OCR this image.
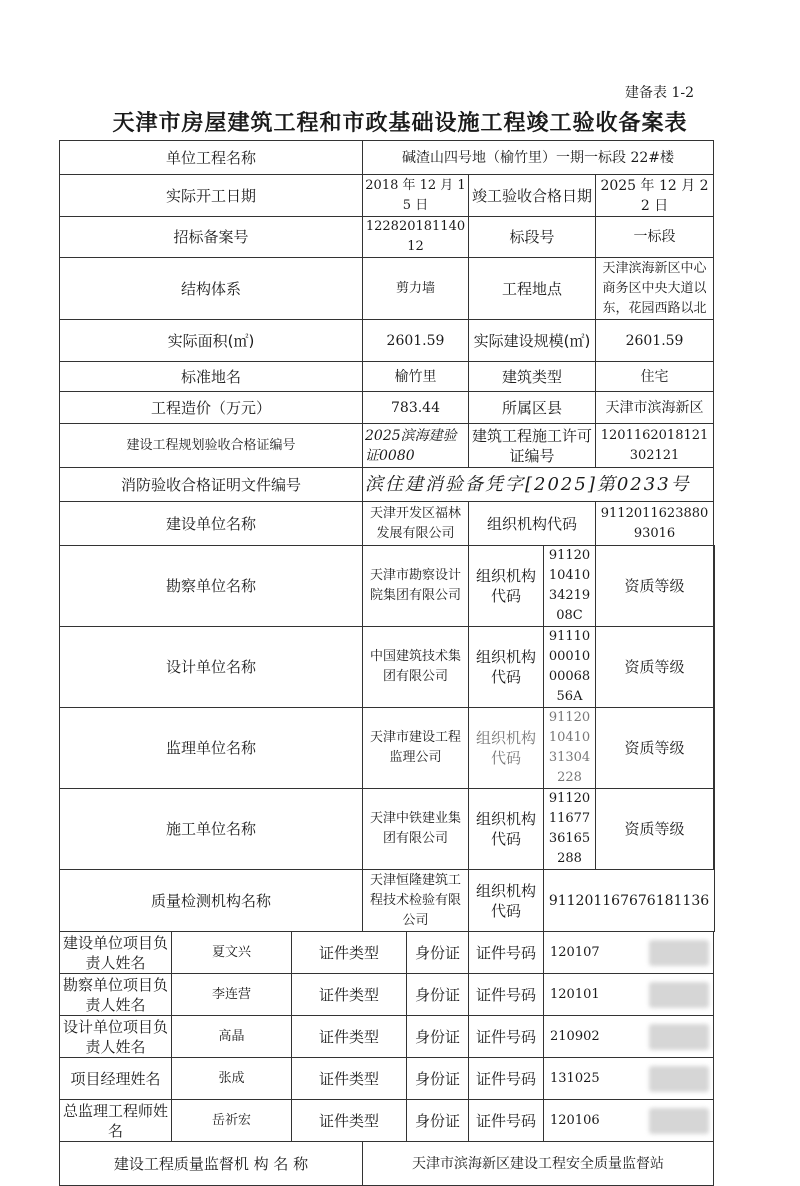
建备表 1-2
天津市房屋建筑工程和市政基础设施工程竣工验收备案表
单位工程名称			碱渣山四号地（榆竹里）一期一标段 22#楼					
实际开工日期			2018 年 12 月 15 日		竣工验收合格日期		2025 年 12 月 22 日	
招标备案号			12282018114012		标段号		一标段	
结构体系			剪力墙		工程地点		天津滨海新区中心商务区中央大道以东，花园西路以北	
实际面积(㎡)			2601.59		实际建设规模(㎡)		2601.59	
标准地名			榆竹里		建筑类型		住宅	
工程造价（万元）			783.44		所属区县		天津市滨海新区	
建设工程规划验收合格证编号			2025滨海建验证0080		建筑工程施工许可证编号		1201162018121302121	
消防验收合格证明文件编号			滨住建消验备凭字[2025]第0233号					
建设单位名称			天津开发区福林发展有限公司		组织机构代码		911201162388093016	
勘察单位名称			天津市勘察设计院集团有限公司		组织机构代码	91120104103421908C	资质等级	
设计单位名称			中国建筑技术集团有限公司		组织机构代码	91110000100006856A	资质等级	
监理单位名称			天津市建设工程监理公司		组织机构代码	911201041031304228	资质等级	
施工单位名称			天津中铁建业集团有限公司		组织机构代码	911201167736165288	资质等级	
质量检测机构名称			天津恒隆建筑工程技术检验有限公司		组织机构代码	911201167676181136		
建设单位项目负责人姓名	夏文兴	证件类型		身份证	证件号码	120107		

勘察单位项目负责人姓名	李连营	证件类型		身份证	证件号码	120101		

设计单位项目负责人姓名	高晶	证件类型		身份证	证件号码	210902		

项目经理姓名	张成	证件类型		身份证	证件号码	131025		

总监理工程师姓名	岳祈宏	证件类型		身份证	证件号码	120106		

建设工程质量监督机 构 名 称			天津市滨海新区建设工程安全质量监督站					
